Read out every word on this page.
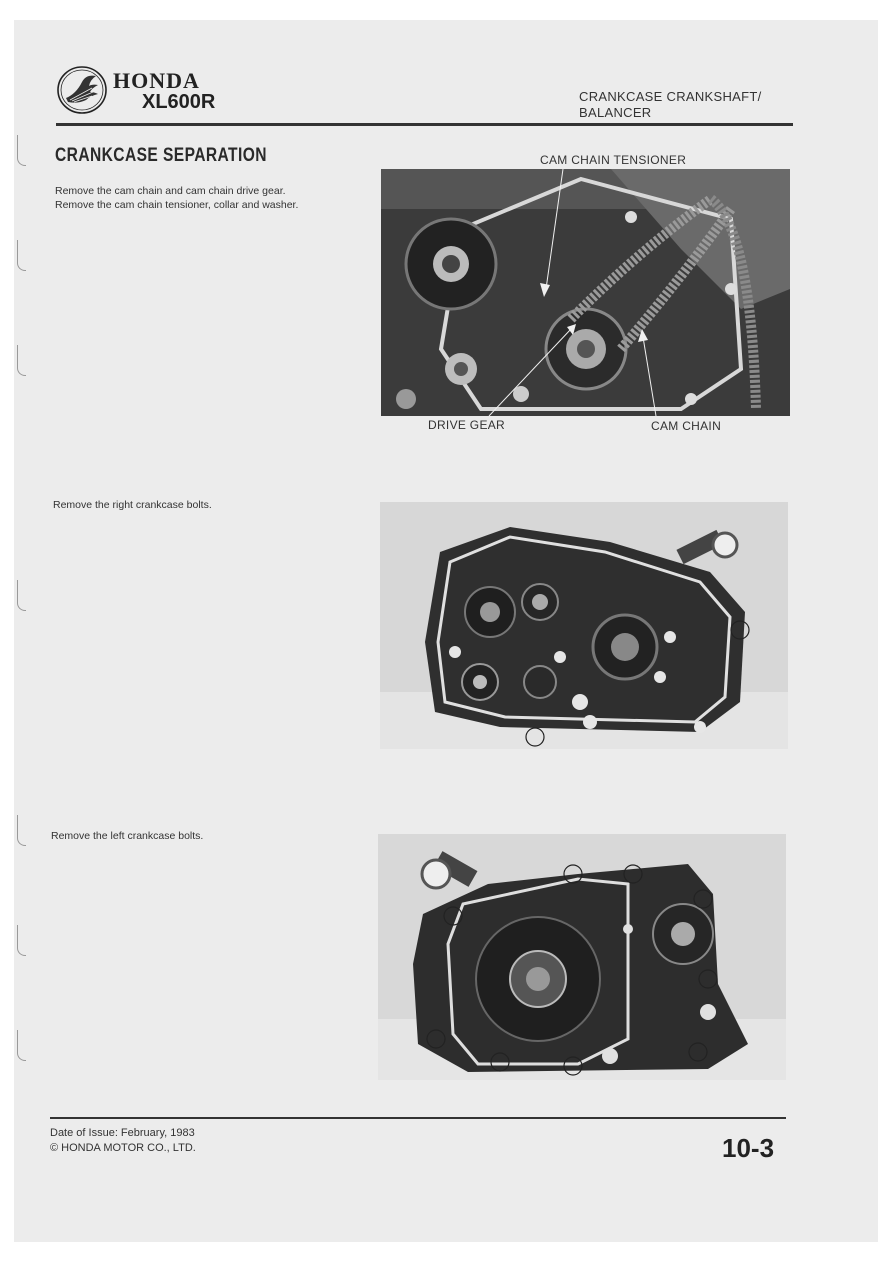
HONDA
XL600R	CRANKCASE CRANKSHAFT/
BALANCER
CRANKCASE SEPARATION
Remove the cam chain and cam chain drive gear.
Remove the cam chain tensioner, collar and washer.
CAM CHAIN TENSIONER
DRIVE GEAR	CAM CHAIN
Remove the right crankcase bolts.
Remove the left crankcase bolts.
Date of Issue: February, 1983
© HONDA MOTOR CO., LTD.	10-3
